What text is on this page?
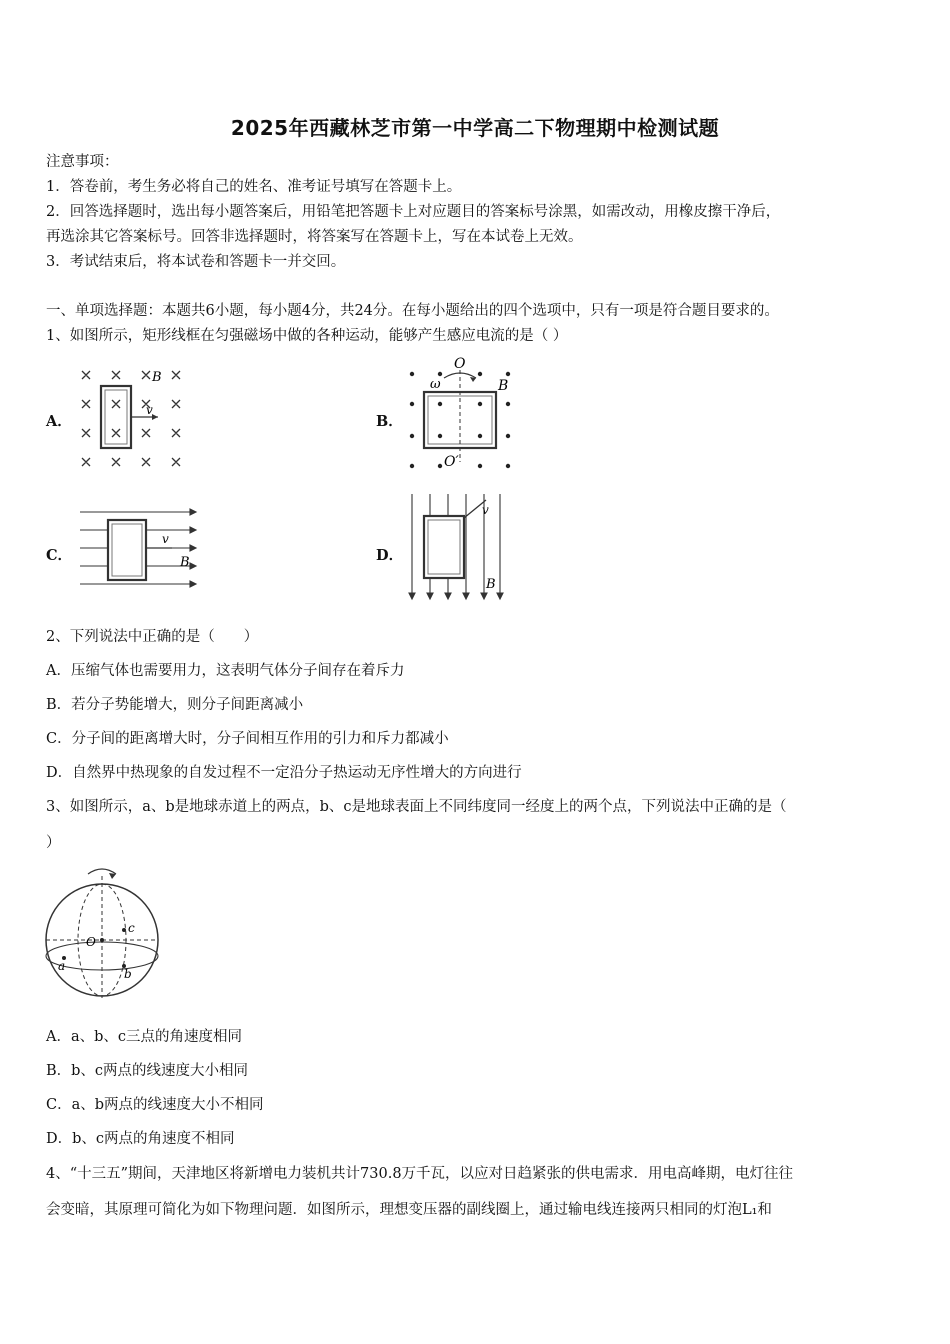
2025年西藏林芝市第一中学高二下物理期中检测试题
注意事项：
1．答卷前，考生务必将自己的姓名、准考证号填写在答题卡上。
2．回答选择题时，选出每小题答案后，用铅笔把答题卡上对应题目的答案标号涂黑，如需改动，用橡皮擦干净后，
再选涂其它答案标号。回答非选择题时，将答案写在答题卡上，写在本试卷上无效。
3．考试结束后，将本试卷和答题卡一并交回。
一、单项选择题：本题共6小题，每小题4分，共24分。在每小题给出的四个选项中，只有一项是符合题目要求的。
1、如图所示，矩形线框在匀强磁场中做的各种运动，能够产生感应电流的是（ ）
A．	B．
C．	D．
v
B
O
ω	B
O′
v
B
v
B
2、下列说法中正确的是（　　）
A．压缩气体也需要用力，这表明气体分子间存在着斥力
B．若分子势能增大，则分子间距离减小
C．分子间的距离增大时，分子间相互作用的引力和斥力都减小
D．自然界中热现象的自发过程不一定沿分子热运动无序性增大的方向进行
3、如图所示，a、b是地球赤道上的两点，b、c是地球表面上不同纬度同一经度上的两个点，下列说法中正确的是（
）
O
c
b
a
A．a、b、c三点的角速度相同
B．b、c两点的线速度大小相同
C．a、b两点的线速度大小不相同
D．b、c两点的角速度不相同
4、“十三五”期间，天津地区将新增电力装机共计730.8万千瓦，以应对日趋紧张的供电需求．用电高峰期，电灯往往
会变暗，其原理可简化为如下物理问题．如图所示，理想变压器的副线圈上，通过输电线连接两只相同的灯泡L₁和
